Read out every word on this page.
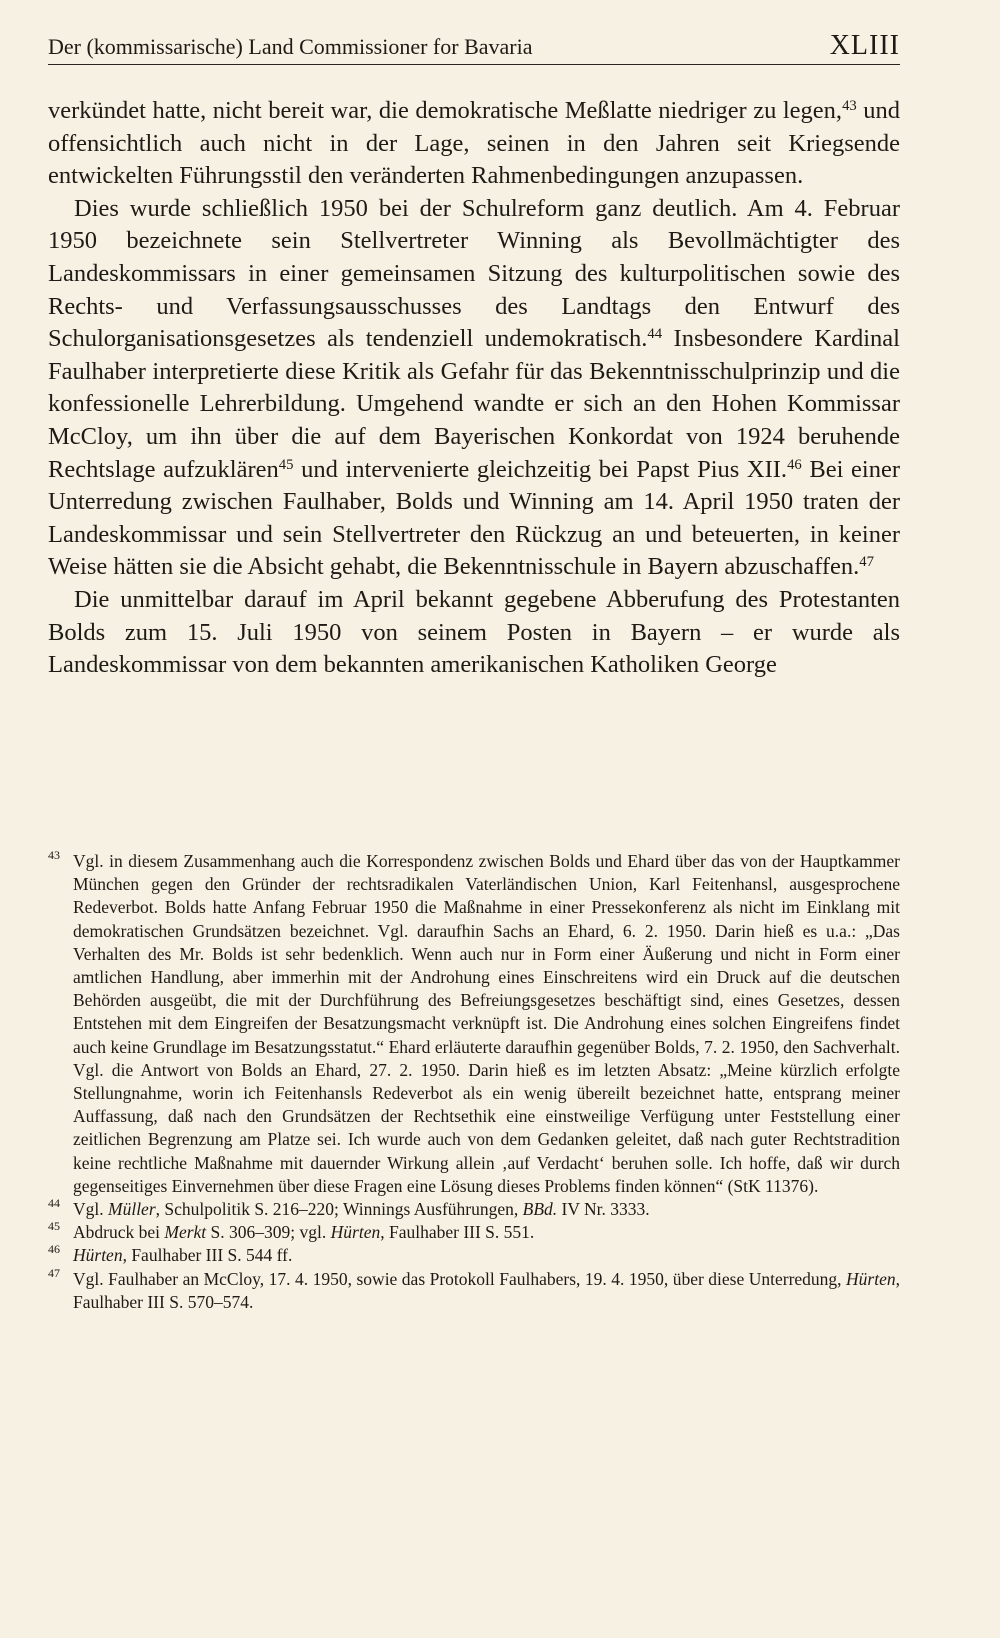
Der (kommissarische) Land Commissioner for Bavaria	XLIII

verkündet hatte, nicht bereit war, die demokratische Meßlatte niedriger zu legen,$^{43}$ und offensichtlich auch nicht in der Lage, seinen in den Jahren seit Kriegsende entwickelten Führungsstil den veränderten Rahmenbedingungen anzupassen.

Dies wurde schließlich 1950 bei der Schulreform ganz deutlich. Am 4. Februar 1950 bezeichnete sein Stellvertreter Winning als Bevollmächtigter des Landeskommissars in einer gemeinsamen Sitzung des kulturpolitischen sowie des Rechts- und Verfassungsausschusses des Landtags den Entwurf des Schulorganisationsgesetzes als tendenziell undemokratisch.$^{44}$ Insbesondere Kardinal Faulhaber interpretierte diese Kritik als Gefahr für das Bekenntnisschulprinzip und die konfessionelle Lehrerbildung. Umgehend wandte er sich an den Hohen Kommissar McCloy, um ihn über die auf dem Bayerischen Konkordat von 1924 beruhende Rechtslage aufzuklären$^{45}$ und intervenierte gleichzeitig bei Papst Pius XII.$^{46}$ Bei einer Unterredung zwischen Faulhaber, Bolds und Winning am 14. April 1950 traten der Landeskommissar und sein Stellvertreter den Rückzug an und beteuerten, in keiner Weise hätten sie die Absicht gehabt, die Bekenntnisschule in Bayern abzuschaffen.$^{47}$

Die unmittelbar darauf im April bekannt gegebene Abberufung des Protestanten Bolds zum 15. Juli 1950 von seinem Posten in Bayern – er wurde als Landeskommissar von dem bekannten amerikanischen Katholiken George

43 Vgl. in diesem Zusammenhang auch die Korrespondenz zwischen Bolds und Ehard über das von der Hauptkammer München gegen den Gründer der rechtsradikalen Vaterländischen Union, Karl Feitenhansl, ausgesprochene Redeverbot. Bolds hatte Anfang Februar 1950 die Maßnahme in einer Pressekonferenz als nicht im Einklang mit demokratischen Grundsätzen bezeichnet. Vgl. daraufhin Sachs an Ehard, 6. 2. 1950. Darin hieß es u.a.: „Das Verhalten des Mr. Bolds ist sehr bedenklich. Wenn auch nur in Form einer Äußerung und nicht in Form einer amtlichen Handlung, aber immerhin mit der Androhung eines Einschreitens wird ein Druck auf die deutschen Behörden ausgeübt, die mit der Durchführung des Befreiungsgesetzes beschäftigt sind, eines Gesetzes, dessen Entstehen mit dem Eingreifen der Besatzungsmacht verknüpft ist. Die Androhung eines solchen Eingreifens findet auch keine Grundlage im Besatzungsstatut.“ Ehard erläuterte daraufhin gegenüber Bolds, 7. 2. 1950, den Sachverhalt. Vgl. die Antwort von Bolds an Ehard, 27. 2. 1950. Darin hieß es im letzten Absatz: „Meine kürzlich erfolgte Stellungnahme, worin ich Feitenhansls Redeverbot als ein wenig übereilt bezeichnet hatte, entsprang meiner Auffassung, daß nach den Grundsätzen der Rechtsethik eine einstweilige Verfügung unter Feststellung einer zeitlichen Begrenzung am Platze sei. Ich wurde auch von dem Gedanken geleitet, daß nach guter Rechtstradition keine rechtliche Maßnahme mit dauernder Wirkung allein ‚auf Verdacht‘ beruhen solle. Ich hoffe, daß wir durch gegenseitiges Einvernehmen über diese Fragen eine Lösung dieses Problems finden können“ (StK 11376).

44 Vgl. Müller, Schulpolitik S. 216–220; Winnings Ausführungen, BBd. IV Nr. 3333.

45 Abdruck bei Merkt S. 306–309; vgl. Hürten, Faulhaber III S. 551.

46 Hürten, Faulhaber III S. 544 ff.

47 Vgl. Faulhaber an McCloy, 17. 4. 1950, sowie das Protokoll Faulhabers, 19. 4. 1950, über diese Unterredung, Hürten, Faulhaber III S. 570–574.
